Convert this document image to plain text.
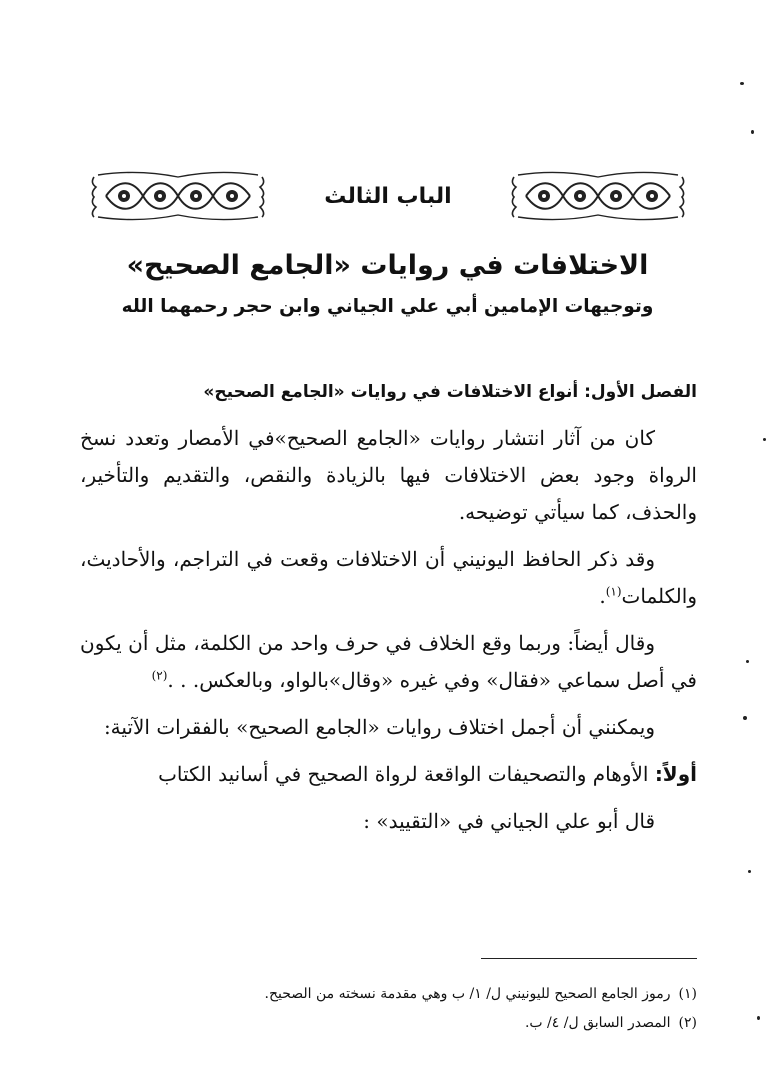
الباب الثالث
الاختلافات في روايات «الجامع الصحيح»
وتوجيهات الإمامين أبي علي الجياني وابن حجر رحمهما الله
الفصل الأول: أنواع الاختلافات في روايات «الجامع الصحيح»

كان من آثار انتشار روايات «الجامع الصحيح»في الأمصار وتعدد نسخ الرواة وجود بعض الاختلافات فيها بالزيادة والنقص، والتقديم والتأخير، والحذف، كما سيأتي توضيحه.

وقد ذكر الحافظ اليونيني أن الاختلافات وقعت في التراجم، والأحاديث، والكلمات$^{(١)}$.

وقال أيضاً: وربما وقع الخلاف في حرف واحد من الكلمة، مثل أن يكون في أصل سماعي «فقال» وفي غيره «وقال»بالواو، وبالعكس. . .$^{(٢)}$

ويمكنني أن أجمل اختلاف روايات «الجامع الصحيح» بالفقرات الآتية:

أولاً: الأوهام والتصحيفات الواقعة لرواة الصحيح في أسانيد الكتاب

قال أبو علي الجياني في «التقييد» :

(١)
رموز الجامع الصحيح لليونيني ل/ ١/ ب وهي مقدمة نسخته من الصحيح.
(٢)
المصدر السابق ل/ ٤/ ب.
